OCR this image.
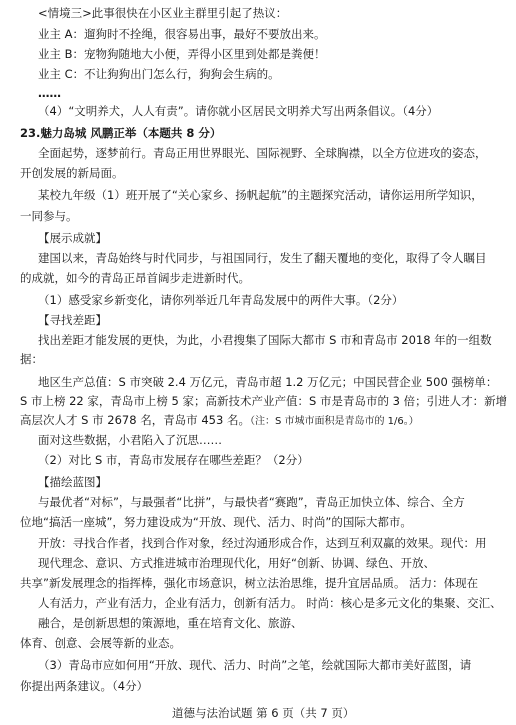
<情境三>此事很快在小区业主群里引起了热议：
业主 A：遛狗时不拴绳，很容易出事，最好不要放出来。
业主 B：宠物狗随地大小便，弄得小区里到处都是粪便！
业主 C：不让狗狗出门怎么行，狗狗会生病的。
……
（4）“文明养犬，人人有责”。请你就小区居民文明养犬写出两条倡议。（4分）
23.魅力岛城 风鹏正举（本题共 8 分）
全面起势，逐梦前行。青岛正用世界眼光、国际视野、全球胸襟，以全方位进攻的姿态，
开创发展的新局面。
某校九年级（1）班开展了“关心家乡、扬帆起航”的主题探究活动，请你运用所学知识，
一同参与。
【展示成就】
建国以来，青岛始终与时代同步，与祖国同行，发生了翻天覆地的变化，取得了令人瞩目
的成就，如今的青岛正昂首阔步走进新时代。
（1）感受家乡新变化，请你列举近几年青岛发展中的两件大事。（2分）
【寻找差距】
找出差距才能发展的更快，为此，小君搜集了国际大都市 S 市和青岛市 2018 年的一组数
据：
地区生产总值：S 市突破 2.4 万亿元，青岛市超 1.2 万亿元；中国民营企业 500 强榜单：
S 市上榜 22 家，青岛市上榜 5 家；高新技术产业产值：S 市是青岛市的 3 倍；引进人才：新增
高层次人才 S 市 2678 名，青岛市 453 名。（注：S 市城市面积是青岛市的 1/6。）
面对这些数据，小君陷入了沉思……
（2）对比 S 市，青岛市发展存在哪些差距？（2分）
【描绘蓝图】
与最优者“对标”，与最强者“比拼”，与最快者“赛跑”，青岛正加快立体、综合、全方
位地“搞活一座城”，努力建设成为“开放、现代、活力、时尚”的国际大都市。
开放：寻找合作者，找到合作对象，经过沟通形成合作，达到互利双赢的效果。现代：用
现代理念、意识、方式推进城市治理现代化，用好“创新、协调、绿色、开放、
共享”新发展理念的指挥棒，强化市场意识，树立法治思维，提升宜居品质。 活力：体现在
人有活力，产业有活力，企业有活力，创新有活力。 时尚：核心是多元文化的集聚、交汇、
融合，是创新思想的策源地，重在培育文化、旅游、
体育、创意、会展等新的业态。
（3）青岛市应如何用“开放、现代、活力、时尚”之笔，绘就国际大都市美好蓝图，请
你提出两条建议。（4分）
道德与法治试题 第 6 页（共 7 页）
